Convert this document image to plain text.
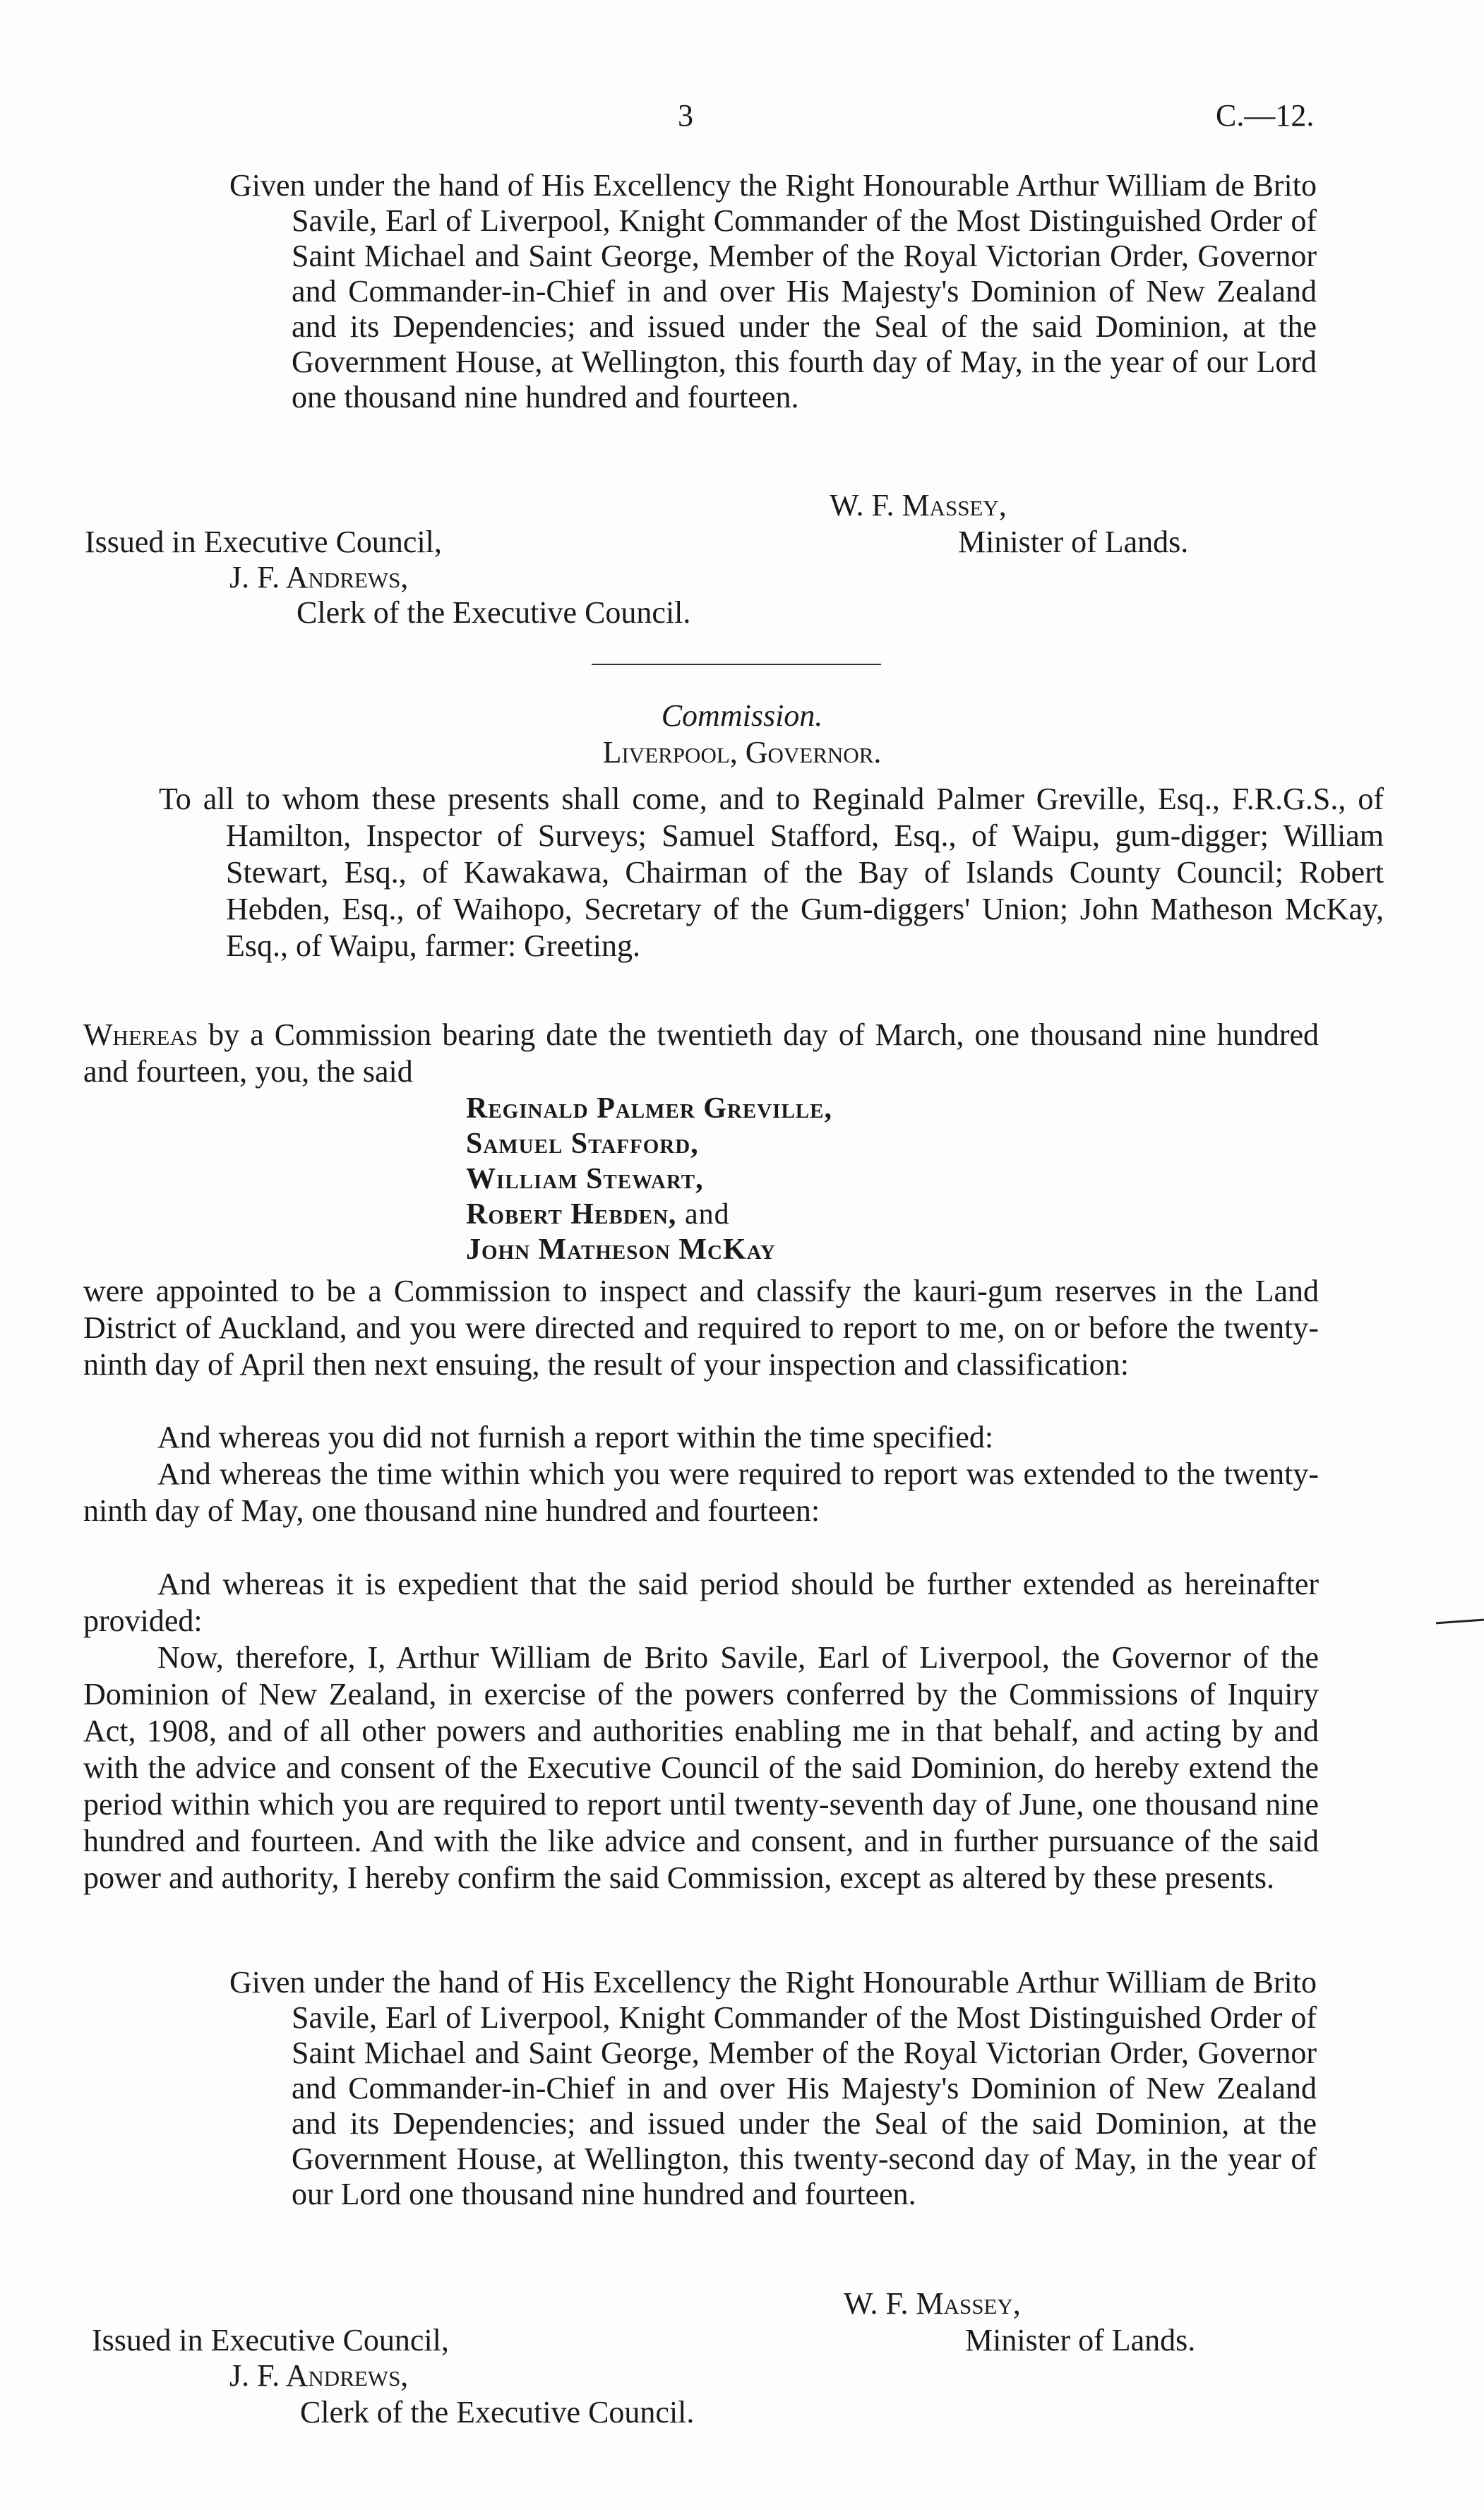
3	C.—12.

Given under the hand of His Excellency the Right Honourable Arthur William de Brito Savile, Earl of Liverpool, Knight Commander of the Most Distinguished Order of Saint Michael and Saint George, Member of the Royal Victorian Order, Governor and Commander-in-Chief in and over His Majesty's Dominion of New Zealand and its Dependencies; and issued under the Seal of the said Dominion, at the Government House, at Wellington, this fourth day of May, in the year of our Lord one thousand nine hundred and fourteen.

W. F. Massey,
Issued in Executive Council,	Minister of Lands.
J. F. Andrews,
Clerk of the Executive Council.
Commission.
Liverpool, Governor.
To all to whom these presents shall come, and to Reginald Palmer Greville, Esq., F.R.G.S., of Hamilton, Inspector of Surveys; Samuel Stafford, Esq., of Waipu, gum-digger; William Stewart, Esq., of Kawakawa, Chairman of the Bay of Islands County Council; Robert Hebden, Esq., of Waihopo, Secretary of the Gum-diggers' Union; John Matheson McKay, Esq., of Waipu, farmer: Greeting.
Whereas by a Commission bearing date the twentieth day of March, one thousand nine hundred and fourteen, you, the said
Reginald Palmer Greville,
Samuel Stafford,
William Stewart,
Robert Hebden, and
John Matheson McKay
were appointed to be a Commission to inspect and classify the kauri-gum reserves in the Land District of Auckland, and you were directed and required to report to me, on or before the twenty-ninth day of April then next ensuing, the result of your inspection and classification:
And whereas you did not furnish a report within the time specified:
And whereas the time within which you were required to report was extended to the twenty-ninth day of May, one thousand nine hundred and fourteen:
And whereas it is expedient that the said period should be further extended as hereinafter provided:
Now, therefore, I, Arthur William de Brito Savile, Earl of Liverpool, the Governor of the Dominion of New Zealand, in exercise of the powers conferred by the Commissions of Inquiry Act, 1908, and of all other powers and authorities enabling me in that behalf, and acting by and with the advice and consent of the Executive Council of the said Dominion, do hereby extend the period within which you are required to report until twenty-seventh day of June, one thousand nine hundred and fourteen. And with the like advice and consent, and in further pursuance of the said power and authority, I hereby confirm the said Commission, except as altered by these presents.

Given under the hand of His Excellency the Right Honourable Arthur William de Brito Savile, Earl of Liverpool, Knight Commander of the Most Distinguished Order of Saint Michael and Saint George, Member of the Royal Victorian Order, Governor and Commander-in-Chief in and over His Majesty's Dominion of New Zealand and its Dependencies; and issued under the Seal of the said Dominion, at the Government House, at Wellington, this twenty-second day of May, in the year of our Lord one thousand nine hundred and fourteen.

W. F. Massey,
Issued in Executive Council,	Minister of Lands.
J. F. Andrews,
Clerk of the Executive Council.
